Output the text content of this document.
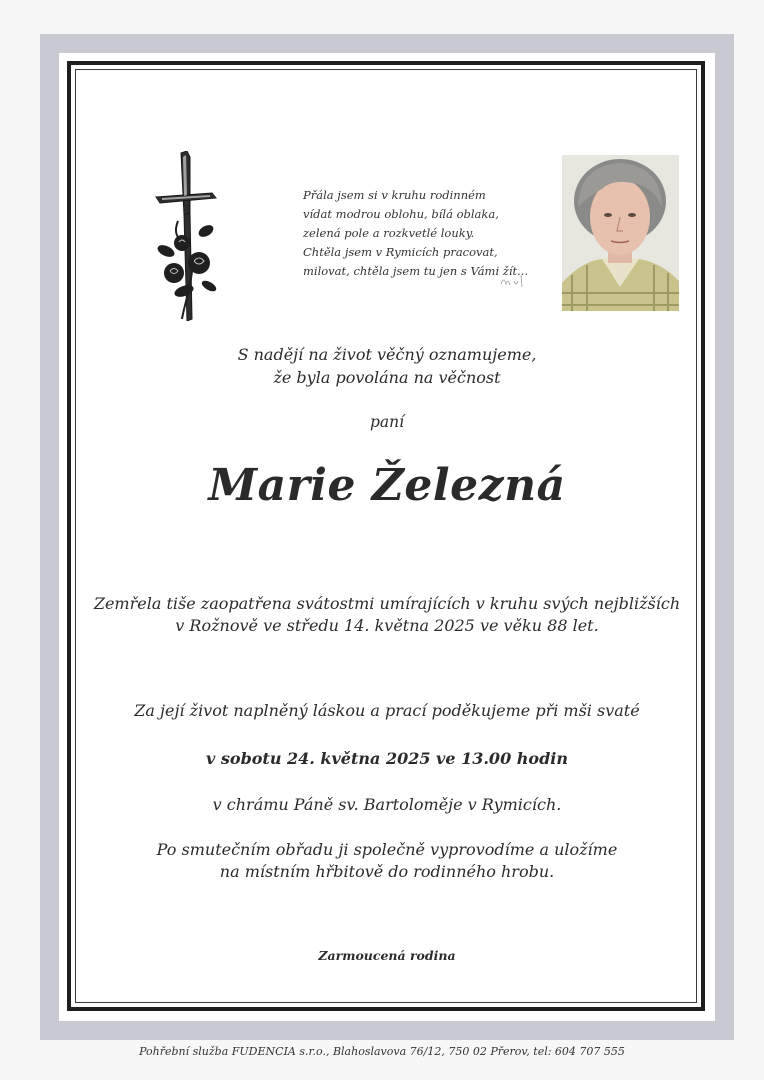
Přála jsem si v kruhu rodinném
vídat modrou oblohu, bílá oblaka,
zelená pole a rozkvetlé louky.
Chtěla jsem v Rymicích pracovat,
milovat, chtěla jsem tu jen s Vámi žít...
S nadějí na život věčný oznamujeme,
že byla povolána na věčnost
paní
Marie Železná
Zemřela tiše zaopatřena svátostmi umírajících v kruhu svých nejbližších
v Rožnově ve středu 14. května 2025 ve věku 88 let.
Za její život naplněný láskou a prací poděkujeme při mši svaté
v sobotu 24. května 2025 ve 13.00 hodin
v chrámu Páně sv. Bartoloměje v Rymicích.
Po smutečním obřadu ji společně vyprovodíme a uložíme
na místním hřbitově do rodinného hrobu.
Zarmoucená rodina
Pohřební služba FUDENCIA s.r.o., Blahoslavova 76/12, 750 02 Přerov, tel: 604 707 555
